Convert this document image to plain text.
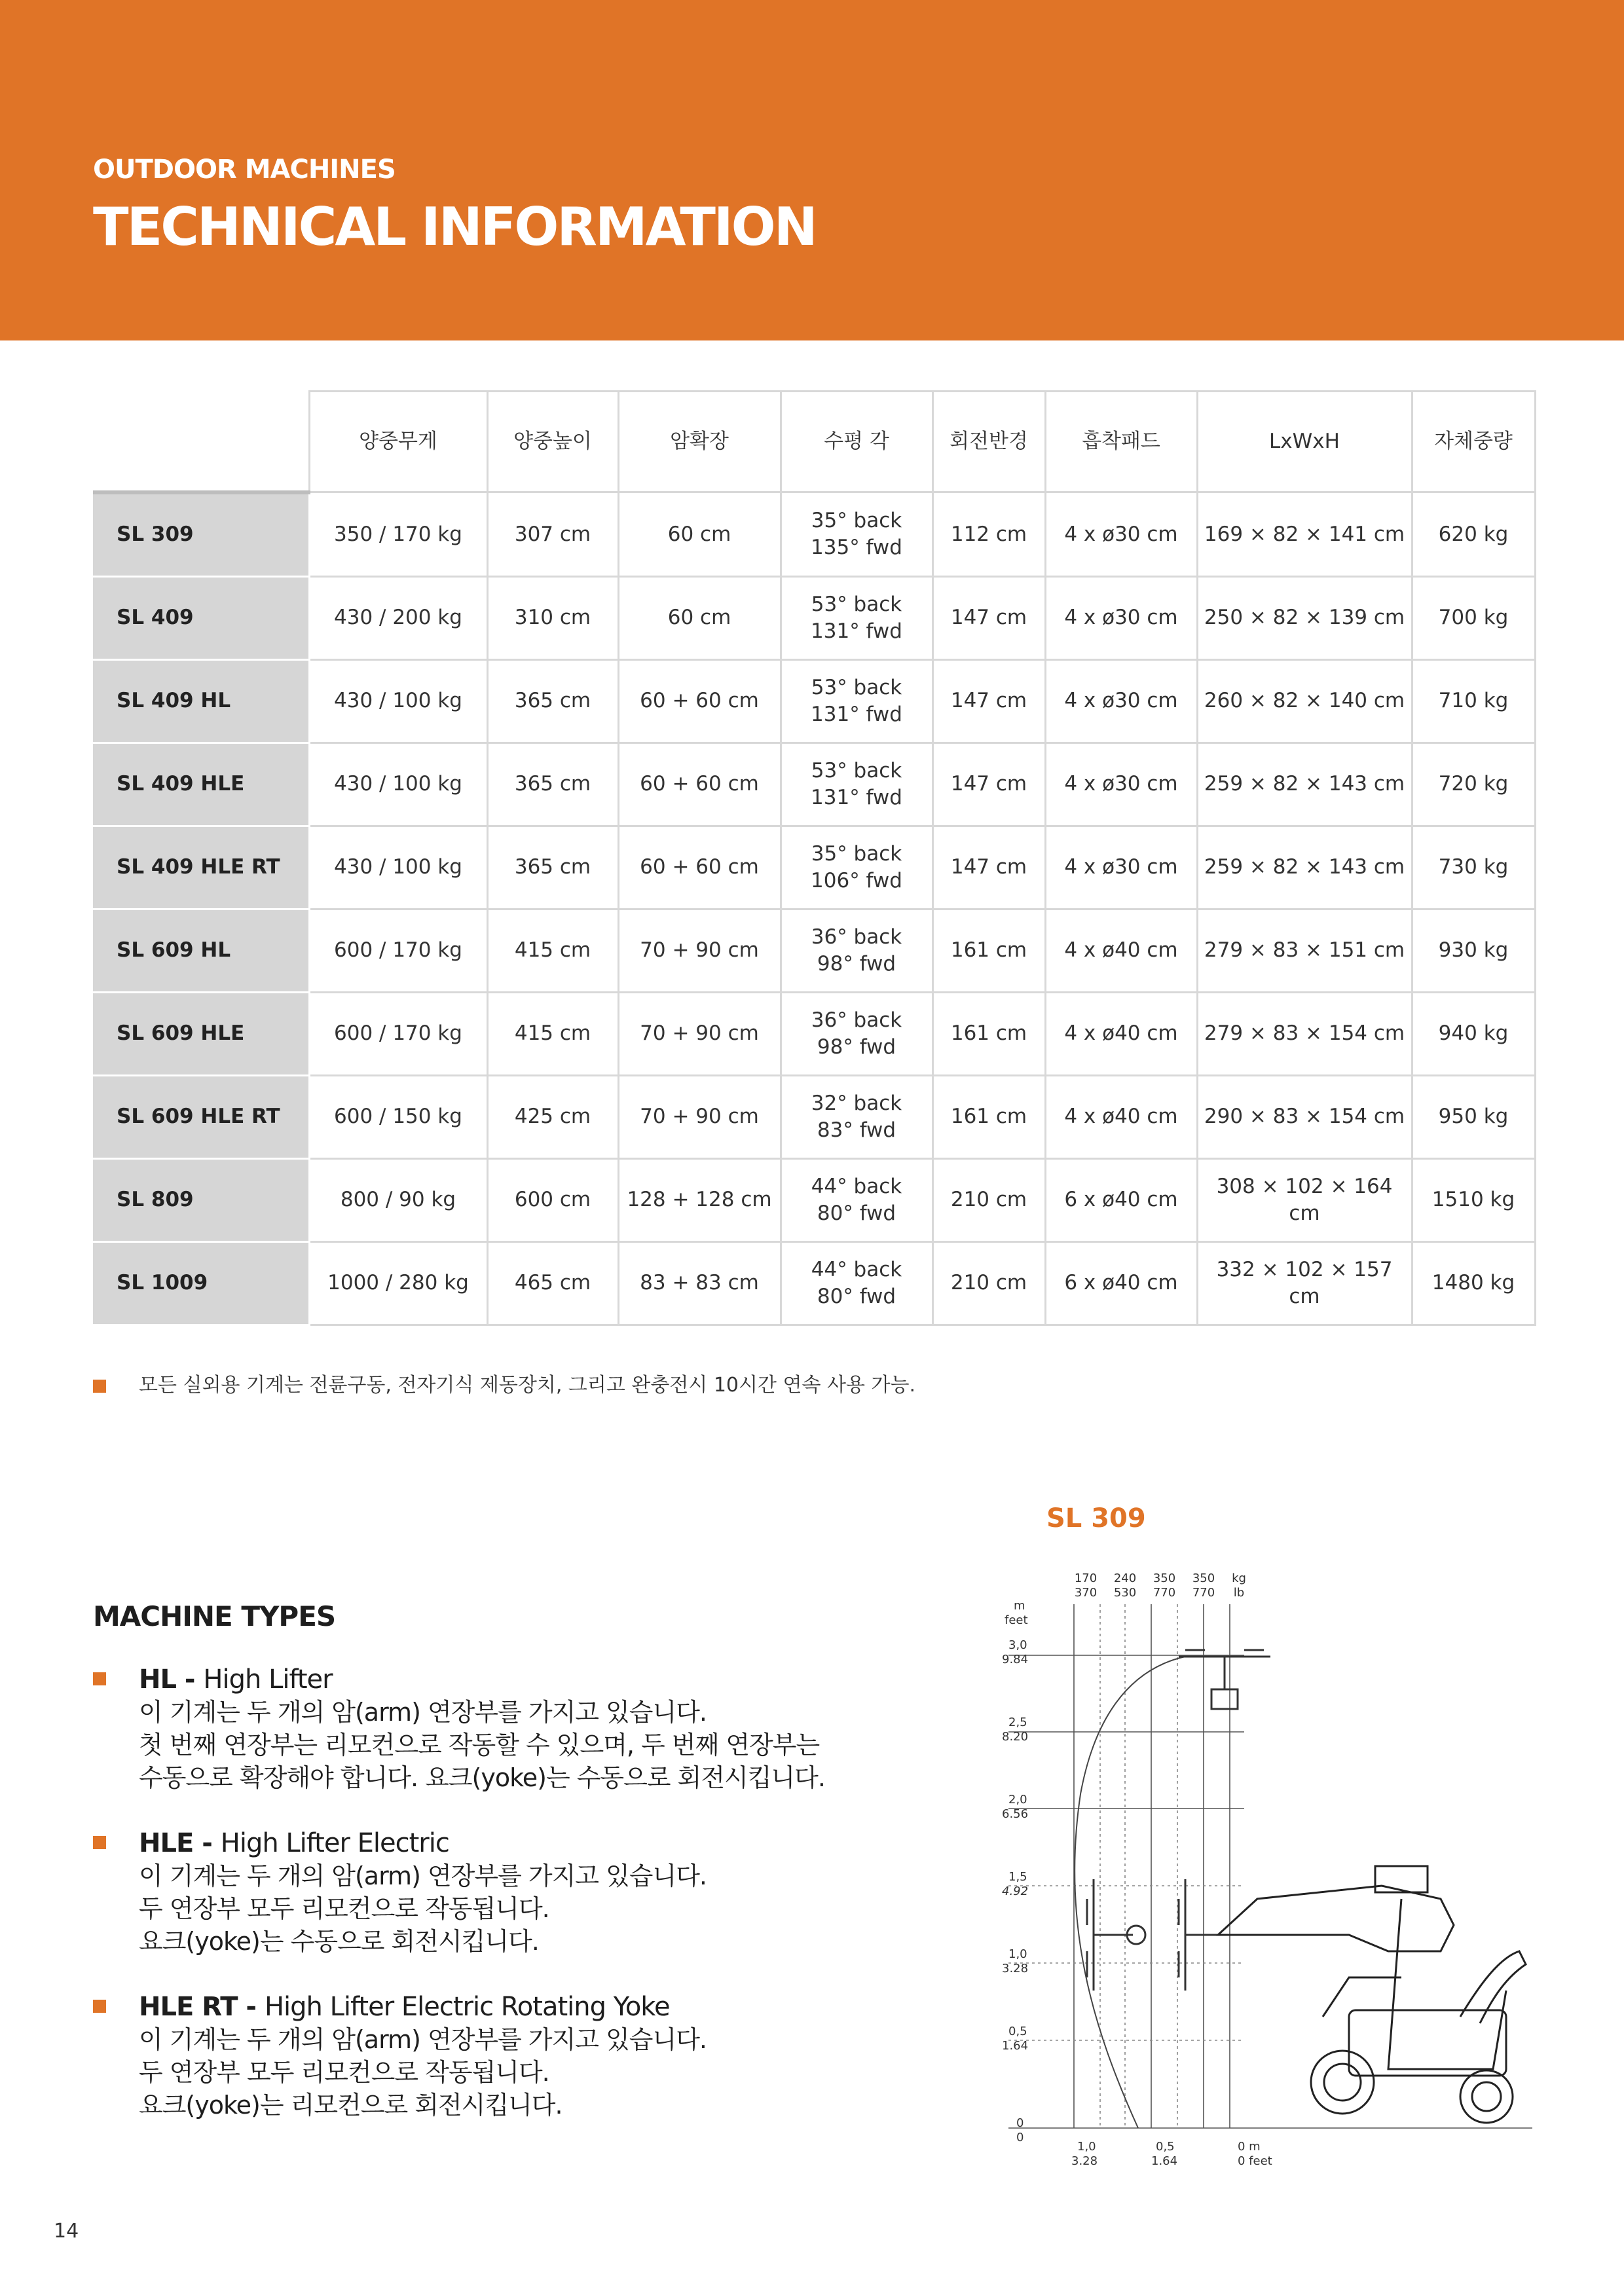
OUTDOOR MACHINES
TECHNICAL INFORMATION
	양중무게	양중높이	암확장	수평 각	회전반경	흡착패드	LxWxH	자체중량
SL 309	350 / 170 kg	307 cm	60 cm	35° back
135° fwd	112 cm	4 x ø30 cm	169 × 82 × 141 cm	620 kg
SL 409	430 / 200 kg	310 cm	60 cm	53° back
131° fwd	147 cm	4 x ø30 cm	250 × 82 × 139 cm	700 kg
SL 409 HL	430 / 100 kg	365 cm	60 + 60 cm	53° back
131° fwd	147 cm	4 x ø30 cm	260 × 82 × 140 cm	710 kg
SL 409 HLE	430 / 100 kg	365 cm	60 + 60 cm	53° back
131° fwd	147 cm	4 x ø30 cm	259 × 82 × 143 cm	720 kg
SL 409 HLE RT	430 / 100 kg	365 cm	60 + 60 cm	35° back
106° fwd	147 cm	4 x ø30 cm	259 × 82 × 143 cm	730 kg
SL 609 HL	600 / 170 kg	415 cm	70 + 90 cm	36° back
98° fwd	161 cm	4 x ø40 cm	279 × 83 × 151 cm	930 kg
SL 609 HLE	600 / 170 kg	415 cm	70 + 90 cm	36° back
98° fwd	161 cm	4 x ø40 cm	279 × 83 × 154 cm	940 kg
SL 609 HLE RT	600 / 150 kg	425 cm	70 + 90 cm	32° back
83° fwd	161 cm	4 x ø40 cm	290 × 83 × 154 cm	950 kg
SL 809	800 / 90 kg	600 cm	128 + 128 cm	44° back
80° fwd	210 cm	6 x ø40 cm	308 × 102 × 164 cm	1510 kg
SL 1009	1000 / 280 kg	465 cm	83 + 83 cm	44° back
80° fwd	210 cm	6 x ø40 cm	332 × 102 × 157 cm	1480 kg
모든 실외용 기계는 전륜구동, 전자기식 제동장치, 그리고 완충전시 10시간 연속 사용 가능.
MACHINE TYPES
HL - High Lifter
이 기계는 두 개의 암(arm) 연장부를 가지고 있습니다.
첫 번째 연장부는 리모컨으로 작동할 수 있으며, 두 번째 연장부는
수동으로 확장해야 합니다. 요크(yoke)는 수동으로 회전시킵니다.
HLE - High Lifter Electric
이 기계는 두 개의 암(arm) 연장부를 가지고 있습니다.
두 연장부 모두 리모컨으로 작동됩니다.
요크(yoke)는 수동으로 회전시킵니다.
HLE RT - High Lifter Electric Rotating Yoke
이 기계는 두 개의 암(arm) 연장부를 가지고 있습니다.
두 연장부 모두 리모컨으로 작동됩니다.
요크(yoke)는 리모컨으로 회전시킵니다.
SL 309
m
feet
170 240 350 350 kg
370 530 770 770 lb
3,0
9.84
2,5
8.20
2,0
6.56
1,5
4.92
1,0
3.28
0,5
1.64
0
0
1,0
3.28
0,5
1.64
0 m
0 feet
14
